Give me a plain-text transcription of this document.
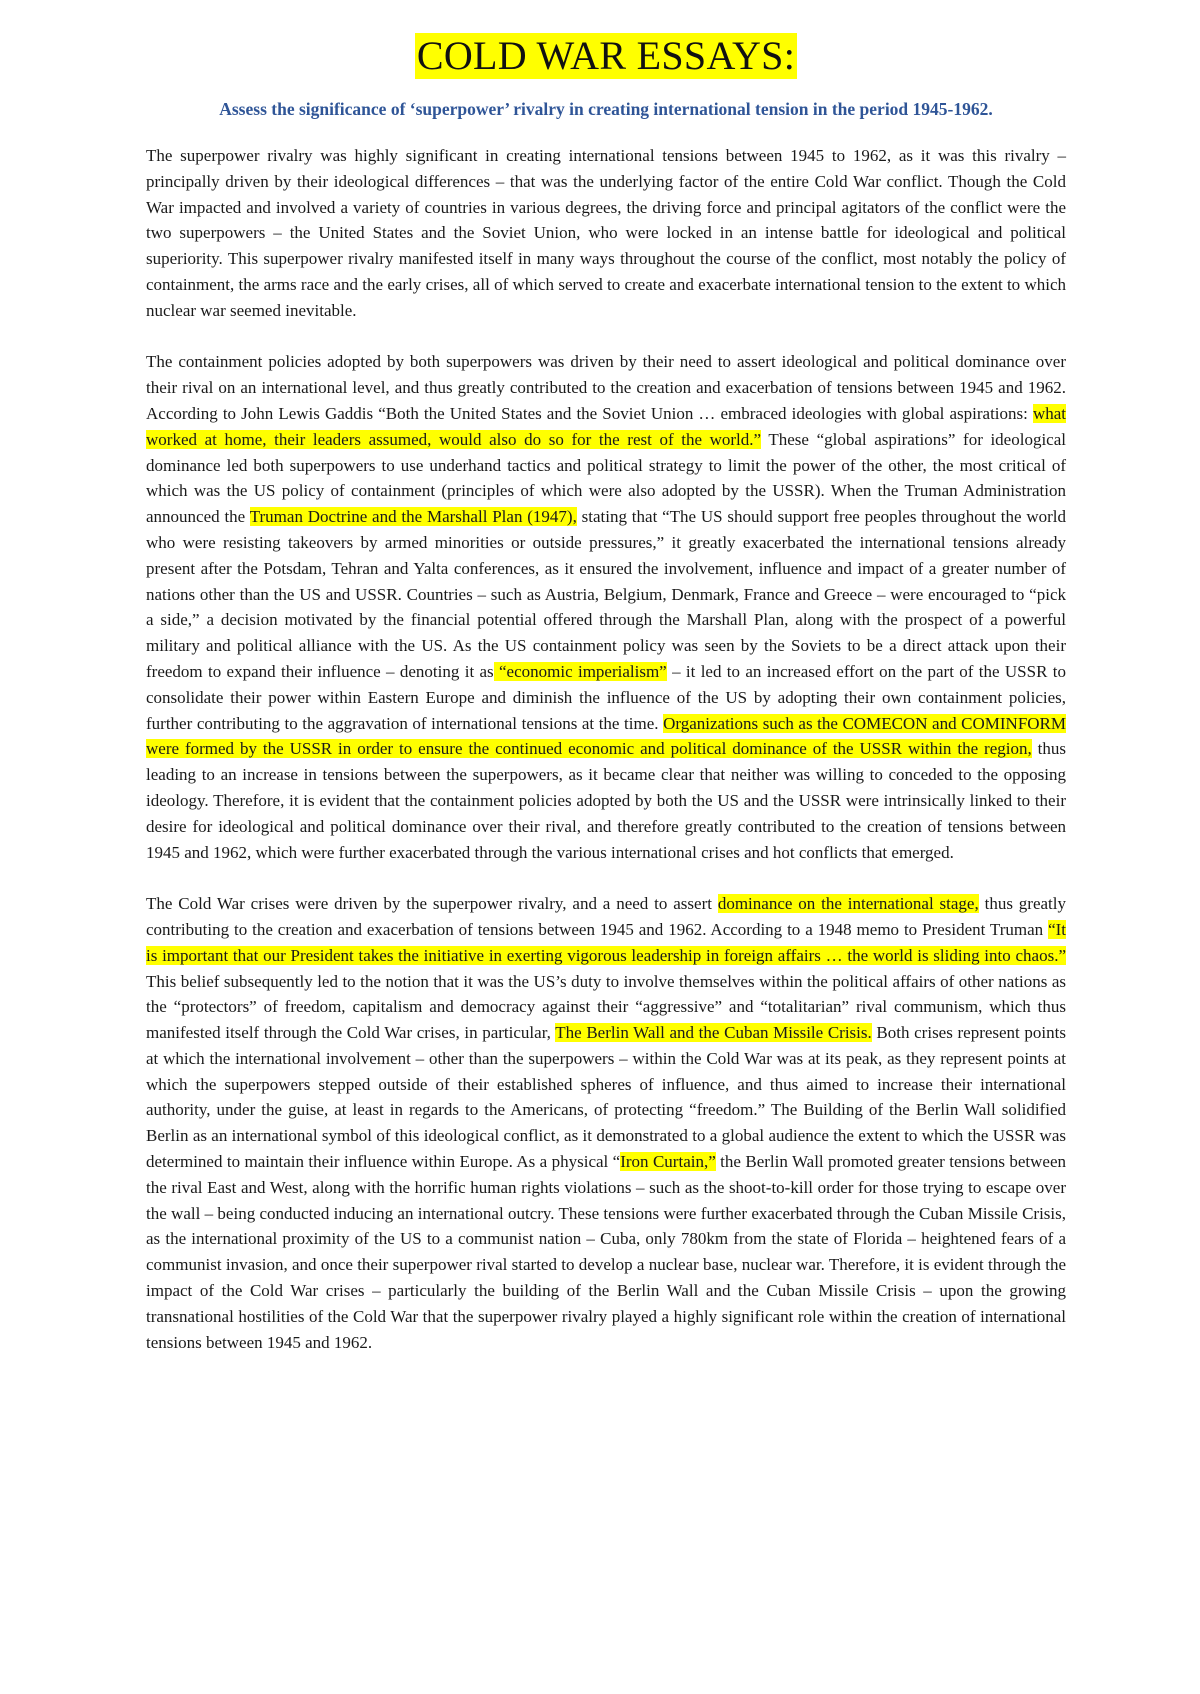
COLD WAR ESSAYS:
Assess the significance of ‘superpower’ rivalry in creating international tension in the period 1945-1962.

The superpower rivalry was highly significant in creating international tensions between 1945 to 1962, as it was this rivalry – principally driven by their ideological differences – that was the underlying factor of the entire Cold War conflict. Though the Cold War impacted and involved a variety of countries in various degrees, the driving force and principal agitators of the conflict were the two superpowers – the United States and the Soviet Union, who were locked in an intense battle for ideological and political superiority. This superpower rivalry manifested itself in many ways throughout the course of the conflict, most notably the policy of containment, the arms race and the early crises, all of which served to create and exacerbate international tension to the extent to which nuclear war seemed inevitable.

The containment policies adopted by both superpowers was driven by their need to assert ideological and political dominance over their rival on an international level, and thus greatly contributed to the creation and exacerbation of tensions between 1945 and 1962. According to John Lewis Gaddis “Both the United States and the Soviet Union … embraced ideologies with global aspirations: what worked at home, their leaders assumed, would also do so for the rest of the world.” These “global aspirations” for ideological dominance led both superpowers to use underhand tactics and political strategy to limit the power of the other, the most critical of which was the US policy of containment (principles of which were also adopted by the USSR). When the Truman Administration announced the Truman Doctrine and the Marshall Plan (1947), stating that “The US should support free peoples throughout the world who were resisting takeovers by armed minorities or outside pressures,” it greatly exacerbated the international tensions already present after the Potsdam, Tehran and Yalta conferences, as it ensured the involvement, influence and impact of a greater number of nations other than the US and USSR. Countries – such as Austria, Belgium, Denmark, France and Greece – were encouraged to “pick a side,” a decision motivated by the financial potential offered through the Marshall Plan, along with the prospect of a powerful military and political alliance with the US. As the US containment policy was seen by the Soviets to be a direct attack upon their freedom to expand their influence – denoting it as “economic imperialism” – it led to an increased effort on the part of the USSR to consolidate their power within Eastern Europe and diminish the influence of the US by adopting their own containment policies, further contributing to the aggravation of international tensions at the time. Organizations such as the COMECON and COMINFORM were formed by the USSR in order to ensure the continued economic and political dominance of the USSR within the region, thus leading to an increase in tensions between the superpowers, as it became clear that neither was willing to conceded to the opposing ideology. Therefore, it is evident that the containment policies adopted by both the US and the USSR were intrinsically linked to their desire for ideological and political dominance over their rival, and therefore greatly contributed to the creation of tensions between 1945 and 1962, which were further exacerbated through the various international crises and hot conflicts that emerged.

The Cold War crises were driven by the superpower rivalry, and a need to assert dominance on the international stage, thus greatly contributing to the creation and exacerbation of tensions between 1945 and 1962. According to a 1948 memo to President Truman “It is important that our President takes the initiative in exerting vigorous leadership in foreign affairs … the world is sliding into chaos.” This belief subsequently led to the notion that it was the US’s duty to involve themselves within the political affairs of other nations as the “protectors” of freedom, capitalism and democracy against their “aggressive” and “totalitarian” rival communism, which thus manifested itself through the Cold War crises, in particular, The Berlin Wall and the Cuban Missile Crisis. Both crises represent points at which the international involvement – other than the superpowers – within the Cold War was at its peak, as they represent points at which the superpowers stepped outside of their established spheres of influence, and thus aimed to increase their international authority, under the guise, at least in regards to the Americans, of protecting “freedom.” The Building of the Berlin Wall solidified Berlin as an international symbol of this ideological conflict, as it demonstrated to a global audience the extent to which the USSR was determined to maintain their influence within Europe. As a physical “Iron Curtain,” the Berlin Wall promoted greater tensions between the rival East and West, along with the horrific human rights violations – such as the shoot-to-kill order for those trying to escape over the wall – being conducted inducing an international outcry. These tensions were further exacerbated through the Cuban Missile Crisis, as the international proximity of the US to a communist nation – Cuba, only 780km from the state of Florida – heightened fears of a communist invasion, and once their superpower rival started to develop a nuclear base, nuclear war. Therefore, it is evident through the impact of the Cold War crises – particularly the building of the Berlin Wall and the Cuban Missile Crisis – upon the growing transnational hostilities of the Cold War that the superpower rivalry played a highly significant role within the creation of international tensions between 1945 and 1962.
